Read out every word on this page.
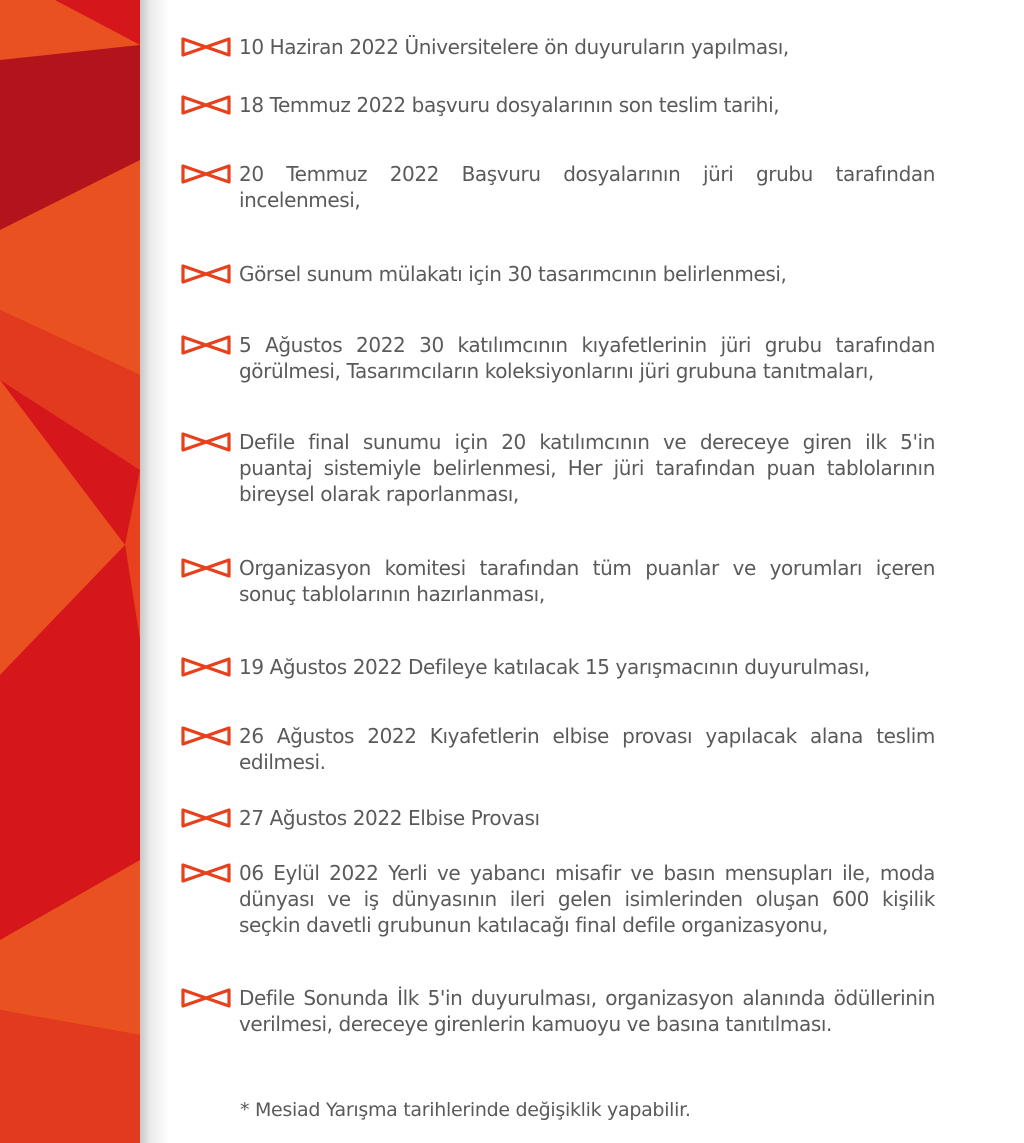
10 Haziran 2022 Üniversitelere ön duyuruların yapılması,
18 Temmuz 2022 başvuru dosyalarının son teslim tarihi,
20 Temmuz 2022 Başvuru dosyalarının jüri grubu tarafından incelenmesi,
Görsel sunum mülakatı için 30 tasarımcının belirlenmesi,
5 Ağustos 2022 30 katılımcının kıyafetlerinin jüri grubu tarafından görülmesi, Tasarımcıların koleksiyonlarını jüri grubuna tanıtmaları,
Defile final sunumu için 20 katılımcının ve dereceye giren ilk 5'in puantaj sistemiyle belirlenmesi, Her jüri tarafından puan tablolarının bireysel olarak raporlanması,
Organizasyon komitesi tarafından tüm puanlar ve yorumları içeren sonuç tablolarının hazırlanması,
19 Ağustos 2022 Defileye katılacak 15 yarışmacının duyurulması,
26 Ağustos 2022 Kıyafetlerin elbise provası yapılacak alana teslim edilmesi.
27 Ağustos 2022 Elbise Provası
06 Eylül 2022 Yerli ve yabancı misafir ve basın mensupları ile, moda dünyası ve iş dünyasının ileri gelen isimlerinden oluşan 600 kişilik seçkin davetli grubunun katılacağı final defile organizasyonu,
Defile Sonunda İlk 5'in duyurulması, organizasyon alanında ödüllerinin verilmesi, dereceye girenlerin kamuoyu ve basına tanıtılması.
* Mesiad Yarışma tarihlerinde değişiklik yapabilir.
